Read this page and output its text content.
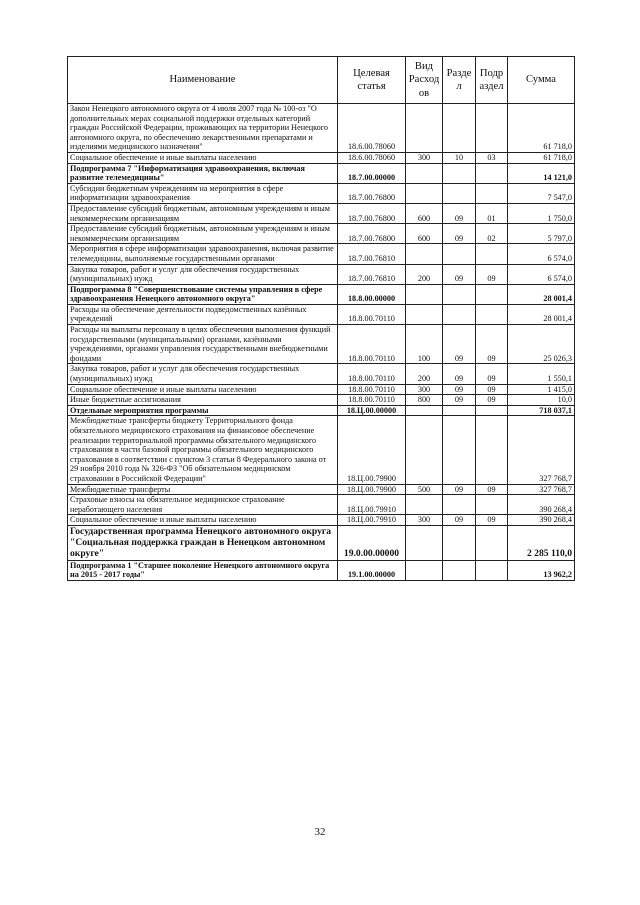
Наименование	Целевая статья	Вид Расход ов	Разде л	Подр аздел	Сумма
Закон Ненецкого автономного округа от 4 июля 2007 года № 100-оз "О дополнительных мерах социальной поддержки отдельных категорий граждан Российской Федерации, проживающих на территории Ненецкого автономного округа, по обеспечению лекарственными препаратами и изделиями медицинского назначения"	18.6.00.78060				61 718,0
Социальное обеспечение и иные выплаты населению	18.6.00.78060	300	10	03	61 718,0
Подпрограмма 7 "Информатизация здравоохранения, включая развитие телемедицины"	18.7.00.00000				14 121,0
Субсидии бюджетным учреждениям на мероприятия в сфере информатизации здравоохранения	18.7.00.76800				7 547,0
Предоставление субсидий бюджетным, автономным учреждениям и иным некоммерческим организациям	18.7.00.76800	600	09	01	1 750,0
Предоставление субсидий бюджетным, автономным учреждениям и иным некоммерческим организациям	18.7.00.76800	600	09	02	5 797,0
Мероприятия в сфере информатизации здравоохранения, включая развитие телемедицины, выполняемые государственными органами	18.7.00.76810				6 574,0
Закупка товаров, работ и услуг для обеспечения государственных (муниципальных) нужд	18.7.00.76810	200	09	09	6 574,0
Подпрограмма 8 "Совершенствование системы управления в сфере здравоохранения Ненецкого автономного округа"	18.8.00.00000				28 001,4
Расходы на обеспечение деятельности подведомственных казённых учреждений	18.8.00.70110				28 001,4
Расходы на выплаты персоналу в целях обеспечения выполнения функций государственными (муниципальными) органами, казёнными учреждениями, органами управления государственными внебюджетными фондами	18.8.00.70110	100	09	09	25 026,3
Закупка товаров, работ и услуг для обеспечения государственных (муниципальных) нужд	18.8.00.70110	200	09	09	1 550,1
Социальное обеспечение и иные выплаты населению	18.8.00.70110	300	09	09	1 415,0
Иные бюджетные ассигнования	18.8.00.70110	800	09	09	10,0
Отдельные мероприятия программы	18.Ц.00.00000				718 037,1
Межбюджетные трансферты бюджету Территориального фонда обязательного медицинского страхования на финансовое обеспечение реализации территориальной программы обязательного медицинского страхования в части базовой программы обязательного медицинского страхования в соответствии с пунктом 3 статьи 8 Федерального закона от 29 ноября 2010 года № 326-ФЗ "Об обязательном медицинском страховании в Российской Федерации"	18.Ц.00.79900				327 768,7
Межбюджетные трансферты	18.Ц.00.79900	500	09	09	327 768,7
Страховые взносы на обязательное медицинское страхование неработающего населения	18.Ц.00.79910				390 268,4
Социальное обеспечение и иные выплаты населению	18.Ц.00.79910	300	09	09	390 268,4
Государственная программа Ненецкого автономного округа "Социальная поддержка граждан в Ненецком автономном округе"	19.0.00.00000				2 285 110,0
Подпрограмма 1 "Старшее поколение Ненецкого автономного округа на 2015 - 2017 годы"	19.1.00.00000				13 962,2
32
